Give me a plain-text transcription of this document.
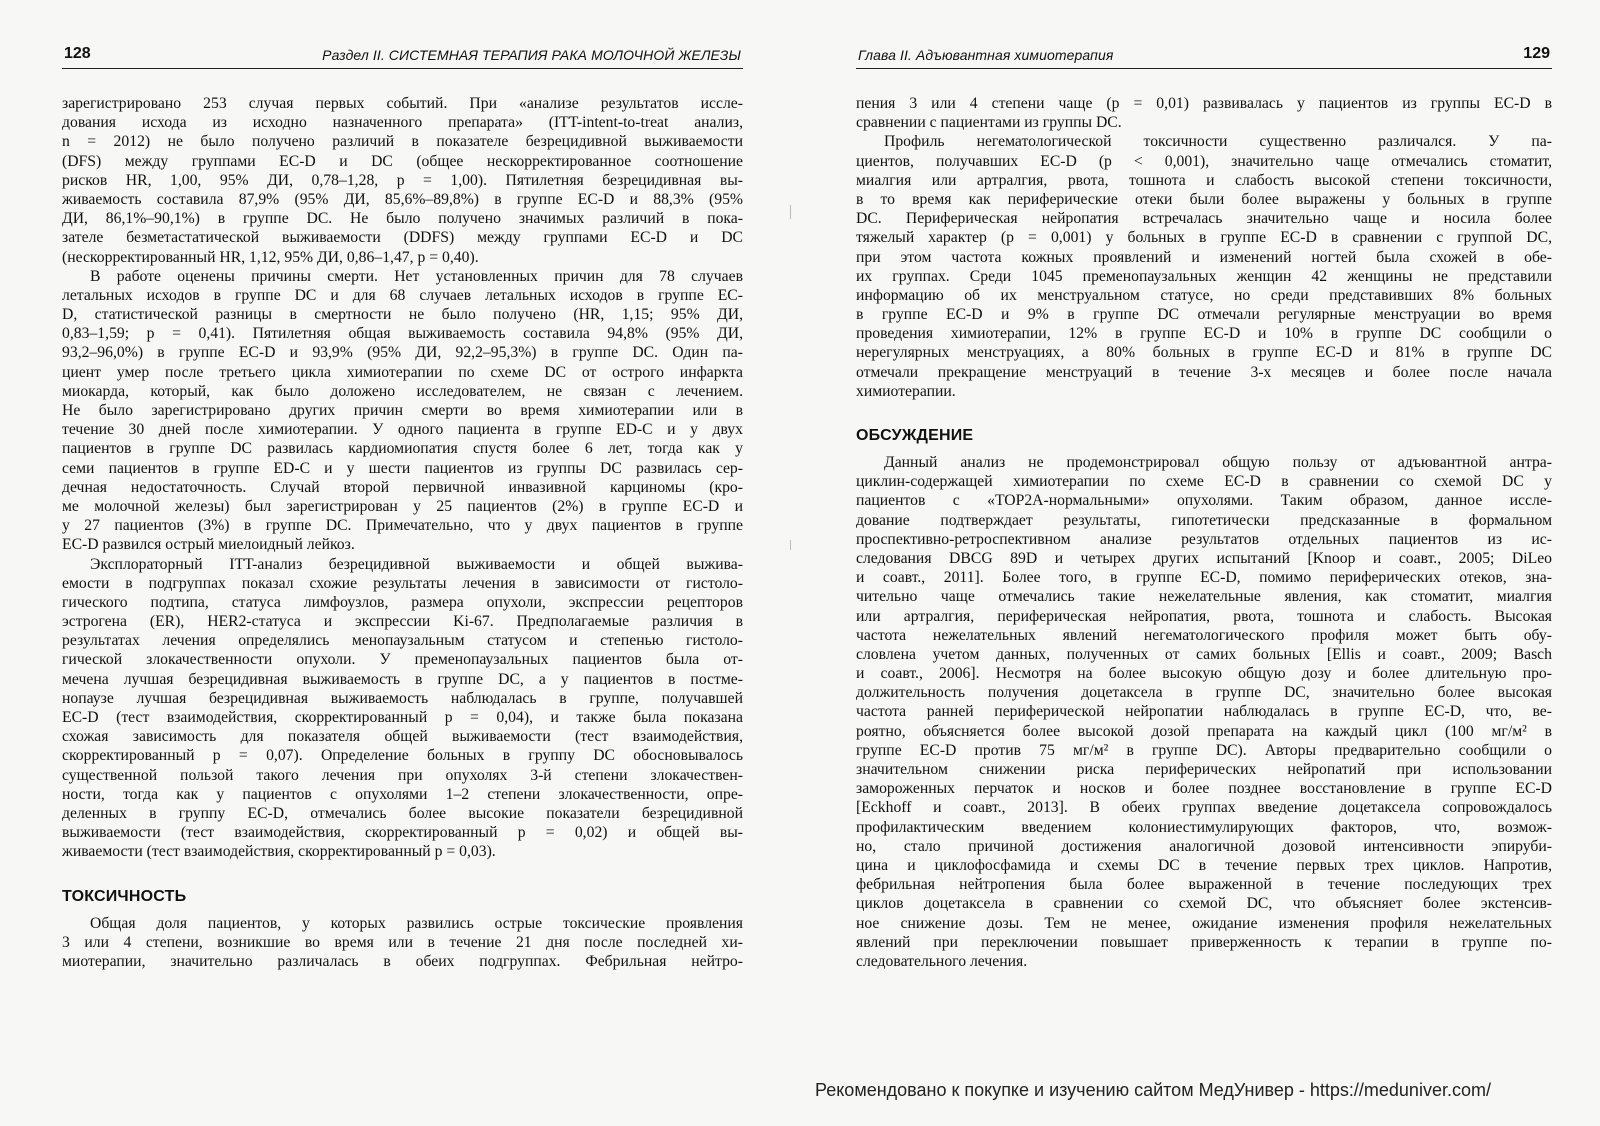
128	Раздел II. СИСТЕМНАЯ ТЕРАПИЯ РАКА МОЛОЧНОЙ ЖЕЛЕЗЫ
зарегистрировано 253 случая первых событий. При «анализе результатов иссле-
дования исхода из исходно назначенного препарата» (ITT-intent-to-treat анализ,
n = 2012) не было получено различий в показателе безрецидивной выживаемости
(DFS) между группами EC-D и DC (общее нескорректированное соотношение
рисков HR, 1,00, 95% ДИ, 0,78–1,28, p = 1,00). Пятилетняя безрецидивная вы-
живаемость составила 87,9% (95% ДИ, 85,6%–89,8%) в группе EC-D и 88,3% (95%
ДИ, 86,1%–90,1%) в группе DC. Не было получено значимых различий в пока-
зателе безметастатической выживаемости (DDFS) между группами EC-D и DC
(нескорректированный HR, 1,12, 95% ДИ, 0,86–1,47, p = 0,40).
В работе оценены причины смерти. Нет установленных причин для 78 случаев
летальных исходов в группе DC и для 68 случаев летальных исходов в группе EC-
D, статистической разницы в смертности не было получено (HR, 1,15; 95% ДИ,
0,83–1,59; p = 0,41). Пятилетняя общая выживаемость составила 94,8% (95% ДИ,
93,2–96,0%) в группе EC-D и 93,9% (95% ДИ, 92,2–95,3%) в группе DC. Один па-
циент умер после третьего цикла химиотерапии по схеме DC от острого инфаркта
миокарда, который, как было доложено исследователем, не связан с лечением.
Не было зарегистрировано других причин смерти во время химиотерапии или в
течение 30 дней после химиотерапии. У одного пациента в группе ED-C и у двух
пациентов в группе DC развилась кардиомиопатия спустя более 6 лет, тогда как у
семи пациентов в группе ED-C и у шести пациентов из группы DC развилась сер-
дечная недостаточность. Случай второй первичной инвазивной карциномы (кро-
ме молочной железы) был зарегистрирован у 25 пациентов (2%) в группе EC-D и
у 27 пациентов (3%) в группе DC. Примечательно, что у двух пациентов в группе
EC-D развился острый миелоидный лейкоз.
Эксплораторный ITT-анализ безрецидивной выживаемости и общей выжива-
емости в подгруппах показал схожие результаты лечения в зависимости от гистоло-
гического подтипа, статуса лимфоузлов, размера опухоли, экспрессии рецепторов
эстрогена (ER), HER2-статуса и экспрессии Ki-67. Предполагаемые различия в
результатах лечения определялись менопаузальным статусом и степенью гистоло-
гической злокачественности опухоли. У пременопаузальных пациентов была от-
мечена лучшая безрецидивная выживаемость в группе DC, а у пациентов в постме-
нопаузе лучшая безрецидивная выживаемость наблюдалась в группе, получавшей
EC-D (тест взаимодействия, скорректированный p = 0,04), и также была показана
схожая зависимость для показателя общей выживаемости (тест взаимодействия,
скорректированный p = 0,07). Определение больных в группу DC обосновывалось
существенной пользой такого лечения при опухолях 3-й степени злокачествен-
ности, тогда как у пациентов с опухолями 1–2 степени злокачественности, опре-
деленных в группу EC-D, отмечались более высокие показатели безрецидивной
выживаемости (тест взаимодействия, скорректированный p = 0,02) и общей вы-
живаемости (тест взаимодействия, скорректированный p = 0,03).
ТОКСИЧНОСТЬ
Общая доля пациентов, у которых развились острые токсические проявления
3 или 4 степени, возникшие во время или в течение 21 дня после последней хи-
миотерапии, значительно различалась в обеих подгруппах. Фебрильная нейтро-
Глава II. Адъювантная химиотерапия	129
пения 3 или 4 степени чаще (p = 0,01) развивалась у пациентов из группы EC-D в
сравнении с пациентами из группы DC.
Профиль негематологической токсичности существенно различался. У па-
циентов, получавших EC-D (p < 0,001), значительно чаще отмечались стоматит,
миалгия или артралгия, рвота, тошнота и слабость высокой степени токсичности,
в то время как периферические отеки были более выражены у больных в группе
DC. Периферическая нейропатия встречалась значительно чаще и носила более
тяжелый характер (p = 0,001) у больных в группе EC-D в сравнении с группой DC,
при этом частота кожных проявлений и изменений ногтей была схожей в обе-
их группах. Среди 1045 пременопаузальных женщин 42 женщины не представили
информацию об их менструальном статусе, но среди представивших 8% больных
в группе EC-D и 9% в группе DC отмечали регулярные менструации во время
проведения химиотерапии, 12% в группе EC-D и 10% в группе DC сообщили о
нерегулярных менструациях, а 80% больных в группе EC-D и 81% в группе DC
отмечали прекращение менструаций в течение 3-х месяцев и более после начала
химиотерапии.
ОБСУЖДЕНИЕ
Данный анализ не продемонстрировал общую пользу от адъювантной антра-
циклин-содержащей химиотерапии по схеме EC-D в сравнении со схемой DC у
пациентов с «TOP2A-нормальными» опухолями. Таким образом, данное иссле-
дование подтверждает результаты, гипотетически предсказанные в формальном
проспективно-ретроспективном анализе результатов отдельных пациентов из ис-
следования DBCG 89D и четырех других испытаний [Knoop и соавт., 2005; DiLeo
и соавт., 2011]. Более того, в группе EC-D, помимо периферических отеков, зна-
чительно чаще отмечались такие нежелательные явления, как стоматит, миалгия
или артралгия, периферическая нейропатия, рвота, тошнота и слабость. Высокая
частота нежелательных явлений негематологического профиля может быть обу-
словлена учетом данных, полученных от самих больных [Ellis и соавт., 2009; Basch
и соавт., 2006]. Несмотря на более высокую общую дозу и более длительную про-
должительность получения доцетаксела в группе DC, значительно более высокая
частота ранней периферической нейропатии наблюдалась в группе EC-D, что, ве-
роятно, объясняется более высокой дозой препарата на каждый цикл (100 мг/м² в
группе EC-D против 75 мг/м² в группе DC). Авторы предварительно сообщили о
значительном снижении риска периферических нейропатий при использовании
замороженных перчаток и носков и более позднее восстановление в группе EC-D
[Eckhoff и соавт., 2013]. В обеих группах введение доцетаксела сопровождалось
профилактическим введением колониестимулирующих факторов, что, возмож-
но, стало причиной достижения аналогичной дозовой интенсивности эпируби-
цина и циклофосфамида и схемы DC в течение первых трех циклов. Напротив,
фебрильная нейтропения была более выраженной в течение последующих трех
циклов доцетаксела в сравнении со схемой DC, что объясняет более экстенсив-
ное снижение дозы. Тем не менее, ожидание изменения профиля нежелательных
явлений при переключении повышает приверженность к терапии в группе по-
следовательного лечения.
Рекомендовано к покупке и изучению сайтом МедУнивер - https://meduniver.com/
